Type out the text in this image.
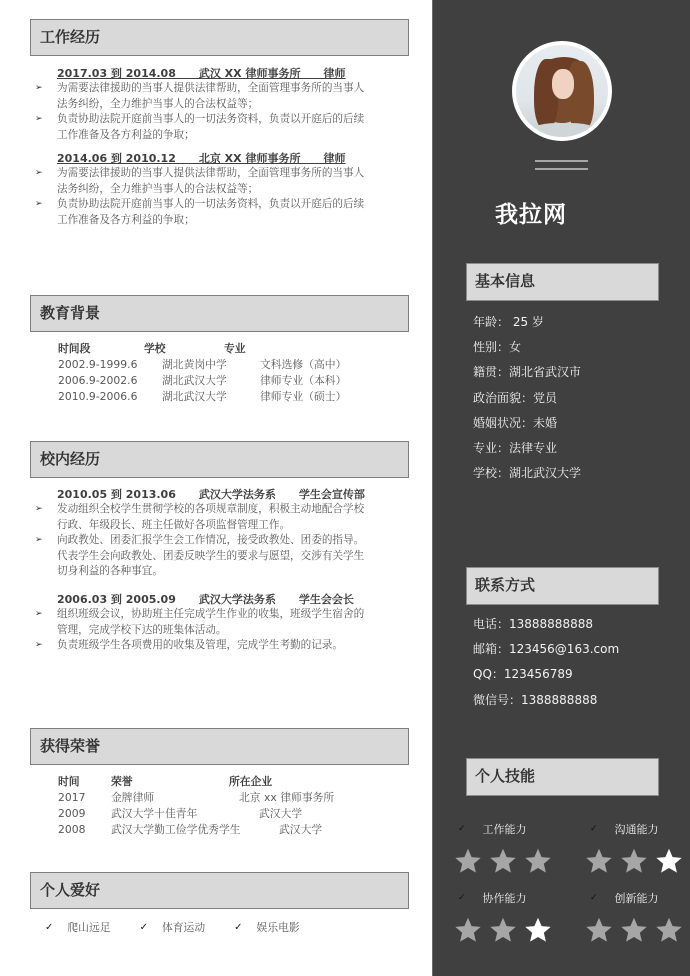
工作经历
2017.03 到 2014.08      武汉 XX 律师事务所      律师
➢ 为需要法律援助的当事人提供法律帮助，全面管理事务所的当事人
法务纠纷，全力维护当事人的合法权益等；
➢ 负责协助法院开庭前当事人的一切法务资料，负责以开庭后的后续
工作准备及各方利益的争取；
2014.06 到 2010.12      北京 XX 律师事务所      律师
➢ 为需要法律援助的当事人提供法律帮助，全面管理事务所的当事人
法务纠纷，全力维护当事人的合法权益等；
➢ 负责协助法院开庭前当事人的一切法务资料，负责以开庭后的后续
工作准备及各方利益的争取；
教育背景
时间段	学校	专业
2002.9-1999.6	湖北黄岗中学	文科选修（高中）
2006.9-2002.6	湖北武汉大学	律师专业（本科）
2010.9-2006.6	湖北武汉大学	律师专业（硕士）
校内经历
2010.05 到 2013.06      武汉大学法务系      学生会宣传部
➢ 发动组织全校学生贯彻学校的各项规章制度，积极主动地配合学校
行政、年级段长、班主任做好各项监督管理工作。
➢ 向政教处、团委汇报学生会工作情况，接受政教处、团委的指导。
代表学生会向政教处、团委反映学生的要求与愿望，交涉有关学生
切身利益的各种事宜。
2006.03 到 2005.09      武汉大学法务系      学生会会长
➢ 组织班级会议，协助班主任完成学生作业的收集，班级学生宿舍的
管理，完成学校下达的班集体活动。
➢ 负责班级学生各项费用的收集及管理，完成学生考勤的记录。
获得荣誉
时间	荣誉	所在企业
2017	金牌律师	北京 xx 律师事务所
2009	武汉大学十佳青年	武汉大学
2008	武汉大学勤工俭学优秀学生	武汉大学
个人爱好
✓ 爬山远足	✓ 体育运动	✓ 娱乐电影
我拉网
基本信息
年龄： 25 岁
性别：女
籍贯：湖北省武汉市
政治面貌：党员
婚姻状况：未婚
专业：法律专业
学校：湖北武汉大学
联系方式
电话：13888888888
邮箱：123456@163.com
QQ：123456789
微信号：1388888888
个人技能
✓ 工作能力	✓ 沟通能力
✓ 协作能力	✓ 创新能力
